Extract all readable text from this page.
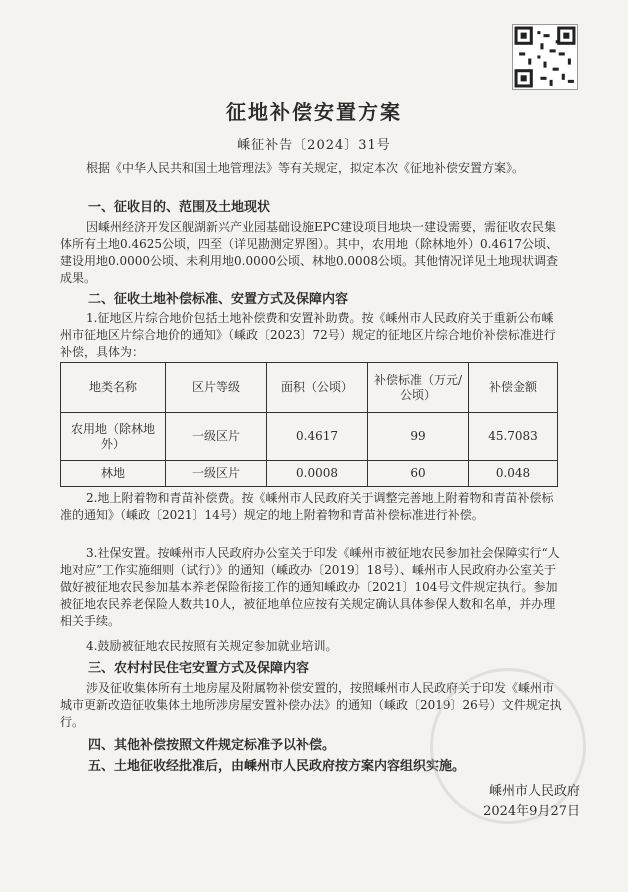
征地补偿安置方案
嵊征补告〔2024〕31号

根据《中华人民共和国土地管理法》等有关规定，拟定本次《征地补偿安置方案》。

一、征收目的、范围及土地现状

因嵊州经济开发区舰湖新兴产业园基础设施EPC建设项目地块一建设需要，需征收农民集体所有土地0.4625公顷，四至（详见勘测定界图）。其中，农用地（除林地外）0.4617公顷、建设用地0.0000公顷、未利用地0.0000公顷、林地0.0008公顷。其他情况详见土地现状调查成果。

二、征收土地补偿标准、安置方式及保障内容

1.征地区片综合地价包括土地补偿费和安置补助费。按《嵊州市人民政府关于重新公布嵊州市征地区片综合地价的通知》（嵊政〔2023〕72号）规定的征地区片综合地价补偿标准进行补偿，具体为：

地类名称	区片等级	面积（公顷）	补偿标准（万元/公顷）	补偿金额
农用地（除林地外）	一级区片	0.4617	99	45.7083
林地	一级区片	0.0008	60	0.048

2.地上附着物和青苗补偿费。按《嵊州市人民政府关于调整完善地上附着物和青苗补偿标准的通知》（嵊政〔2021〕14号）规定的地上附着物和青苗补偿标准进行补偿。

3.社保安置。按嵊州市人民政府办公室关于印发《嵊州市被征地农民参加社会保障实行“人地对应”工作实施细则（试行）》的通知（嵊政办〔2019〕18号）、嵊州市人民政府办公室关于做好被征地农民参加基本养老保险衔接工作的通知嵊政办〔2021〕104号文件规定执行。参加被征地农民养老保险人数共10人，被征地单位应按有关规定确认具体参保人数和名单，并办理相关手续。

4.鼓励被征地农民按照有关规定参加就业培训。

三、农村村民住宅安置方式及保障内容

涉及征收集体所有土地房屋及附属物补偿安置的，按照嵊州市人民政府关于印发《嵊州市城市更新改造征收集体土地所涉房屋安置补偿办法》的通知（嵊政〔2019〕26号）文件规定执行。

四、其他补偿按照文件规定标准予以补偿。

五、土地征收经批准后，由嵊州市人民政府按方案内容组织实施。

嵊州市人民政府
2024年9月27日
